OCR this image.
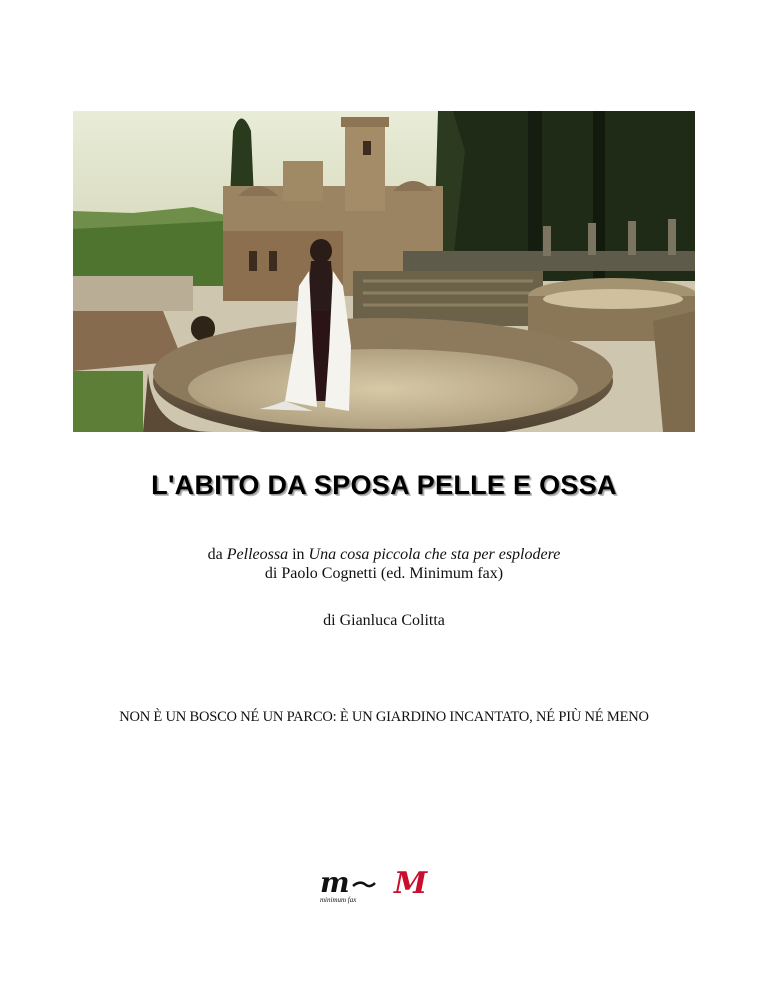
L'ABITO DA SPOSA PELLE E OSSA
da Pelleossa in Una cosa piccola che sta per esplodere
di Paolo Cognetti (ed. Minimum fax)
di Gianluca Colitta
NON È UN BOSCO NÉ UN PARCO: È UN GIARDINO INCANTATO, NÉ PIÙ NÉ MENO
m
minimum fax M
